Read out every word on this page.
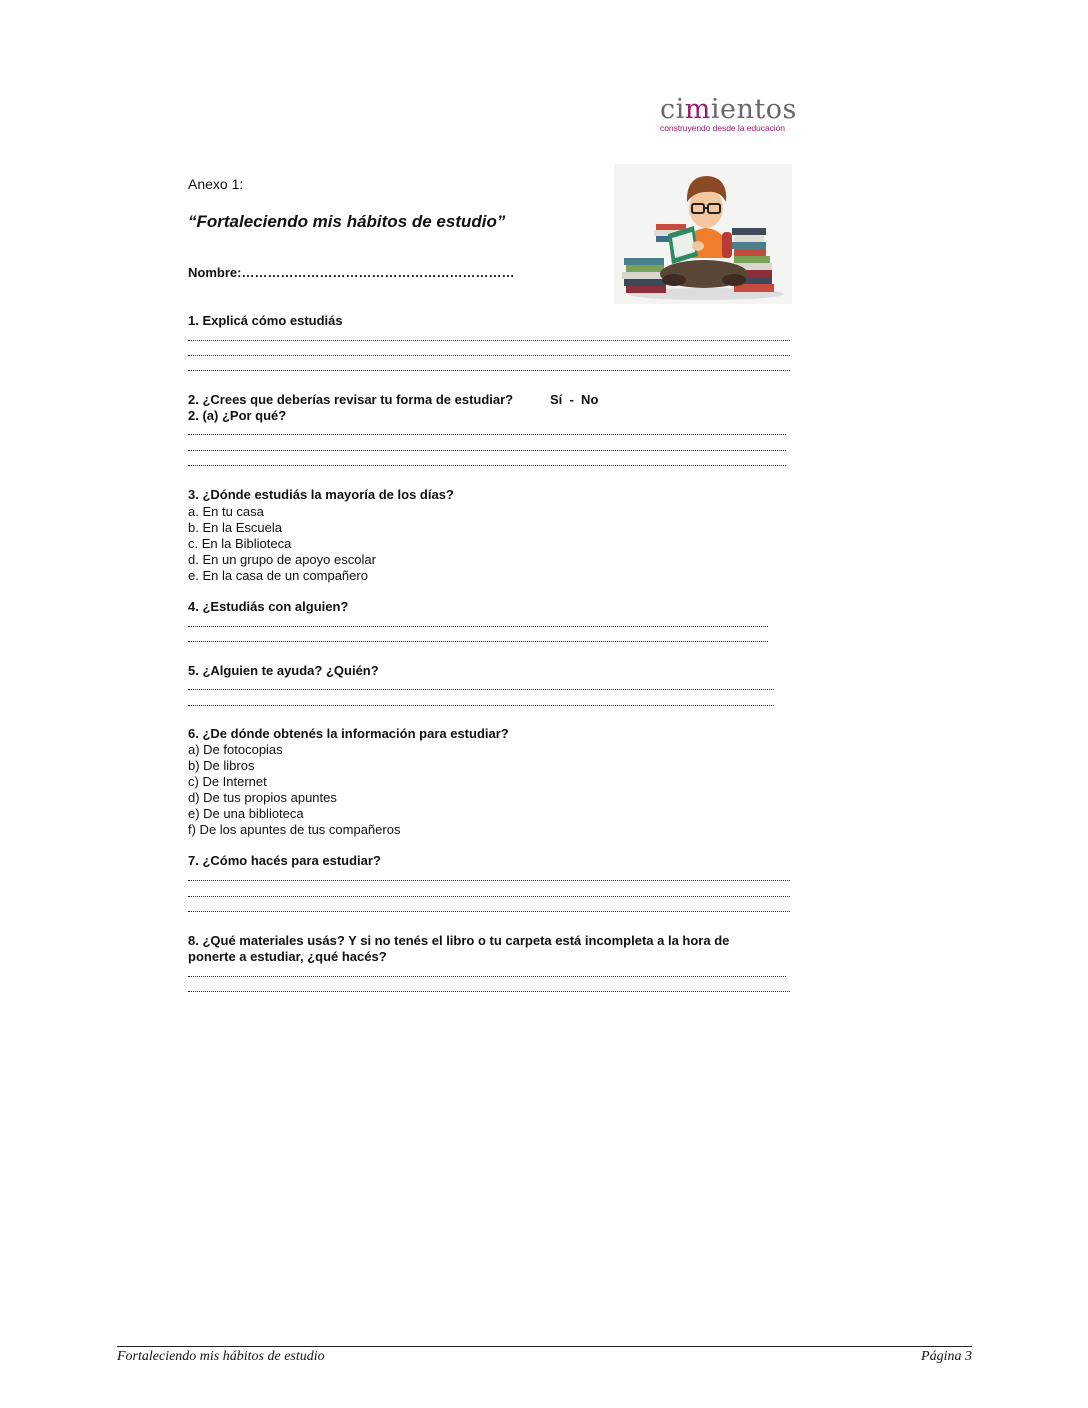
cimientos
construyendo desde la educación
Anexo 1:
“Fortaleciendo mis hábitos de estudio”
Nombre:………………………………………………………
1. Explicá cómo estudiás
2. ¿Crees que deberías revisar tu forma de estudiar?	Sí  -  No
2. (a) ¿Por qué?
3. ¿Dónde estudiás la mayoría de los días?
a. En tu casa
b. En la Escuela
c. En la Biblioteca
d. En un grupo de apoyo escolar
e. En la casa de un compañero
4. ¿Estudiás con alguien?
5. ¿Alguien te ayuda? ¿Quién?
6. ¿De dónde obtenés la información para estudiar?
a) De fotocopias
b) De libros
c) De Internet
d) De tus propios apuntes
e) De una biblioteca
f) De los apuntes de tus compañeros
7. ¿Cómo hacés para estudiar?
8. ¿Qué materiales usás? Y si no tenés el libro o tu carpeta está incompleta a la hora de
ponerte a estudiar, ¿qué hacés?
Fortaleciendo mis hábitos de estudio	Página 3
